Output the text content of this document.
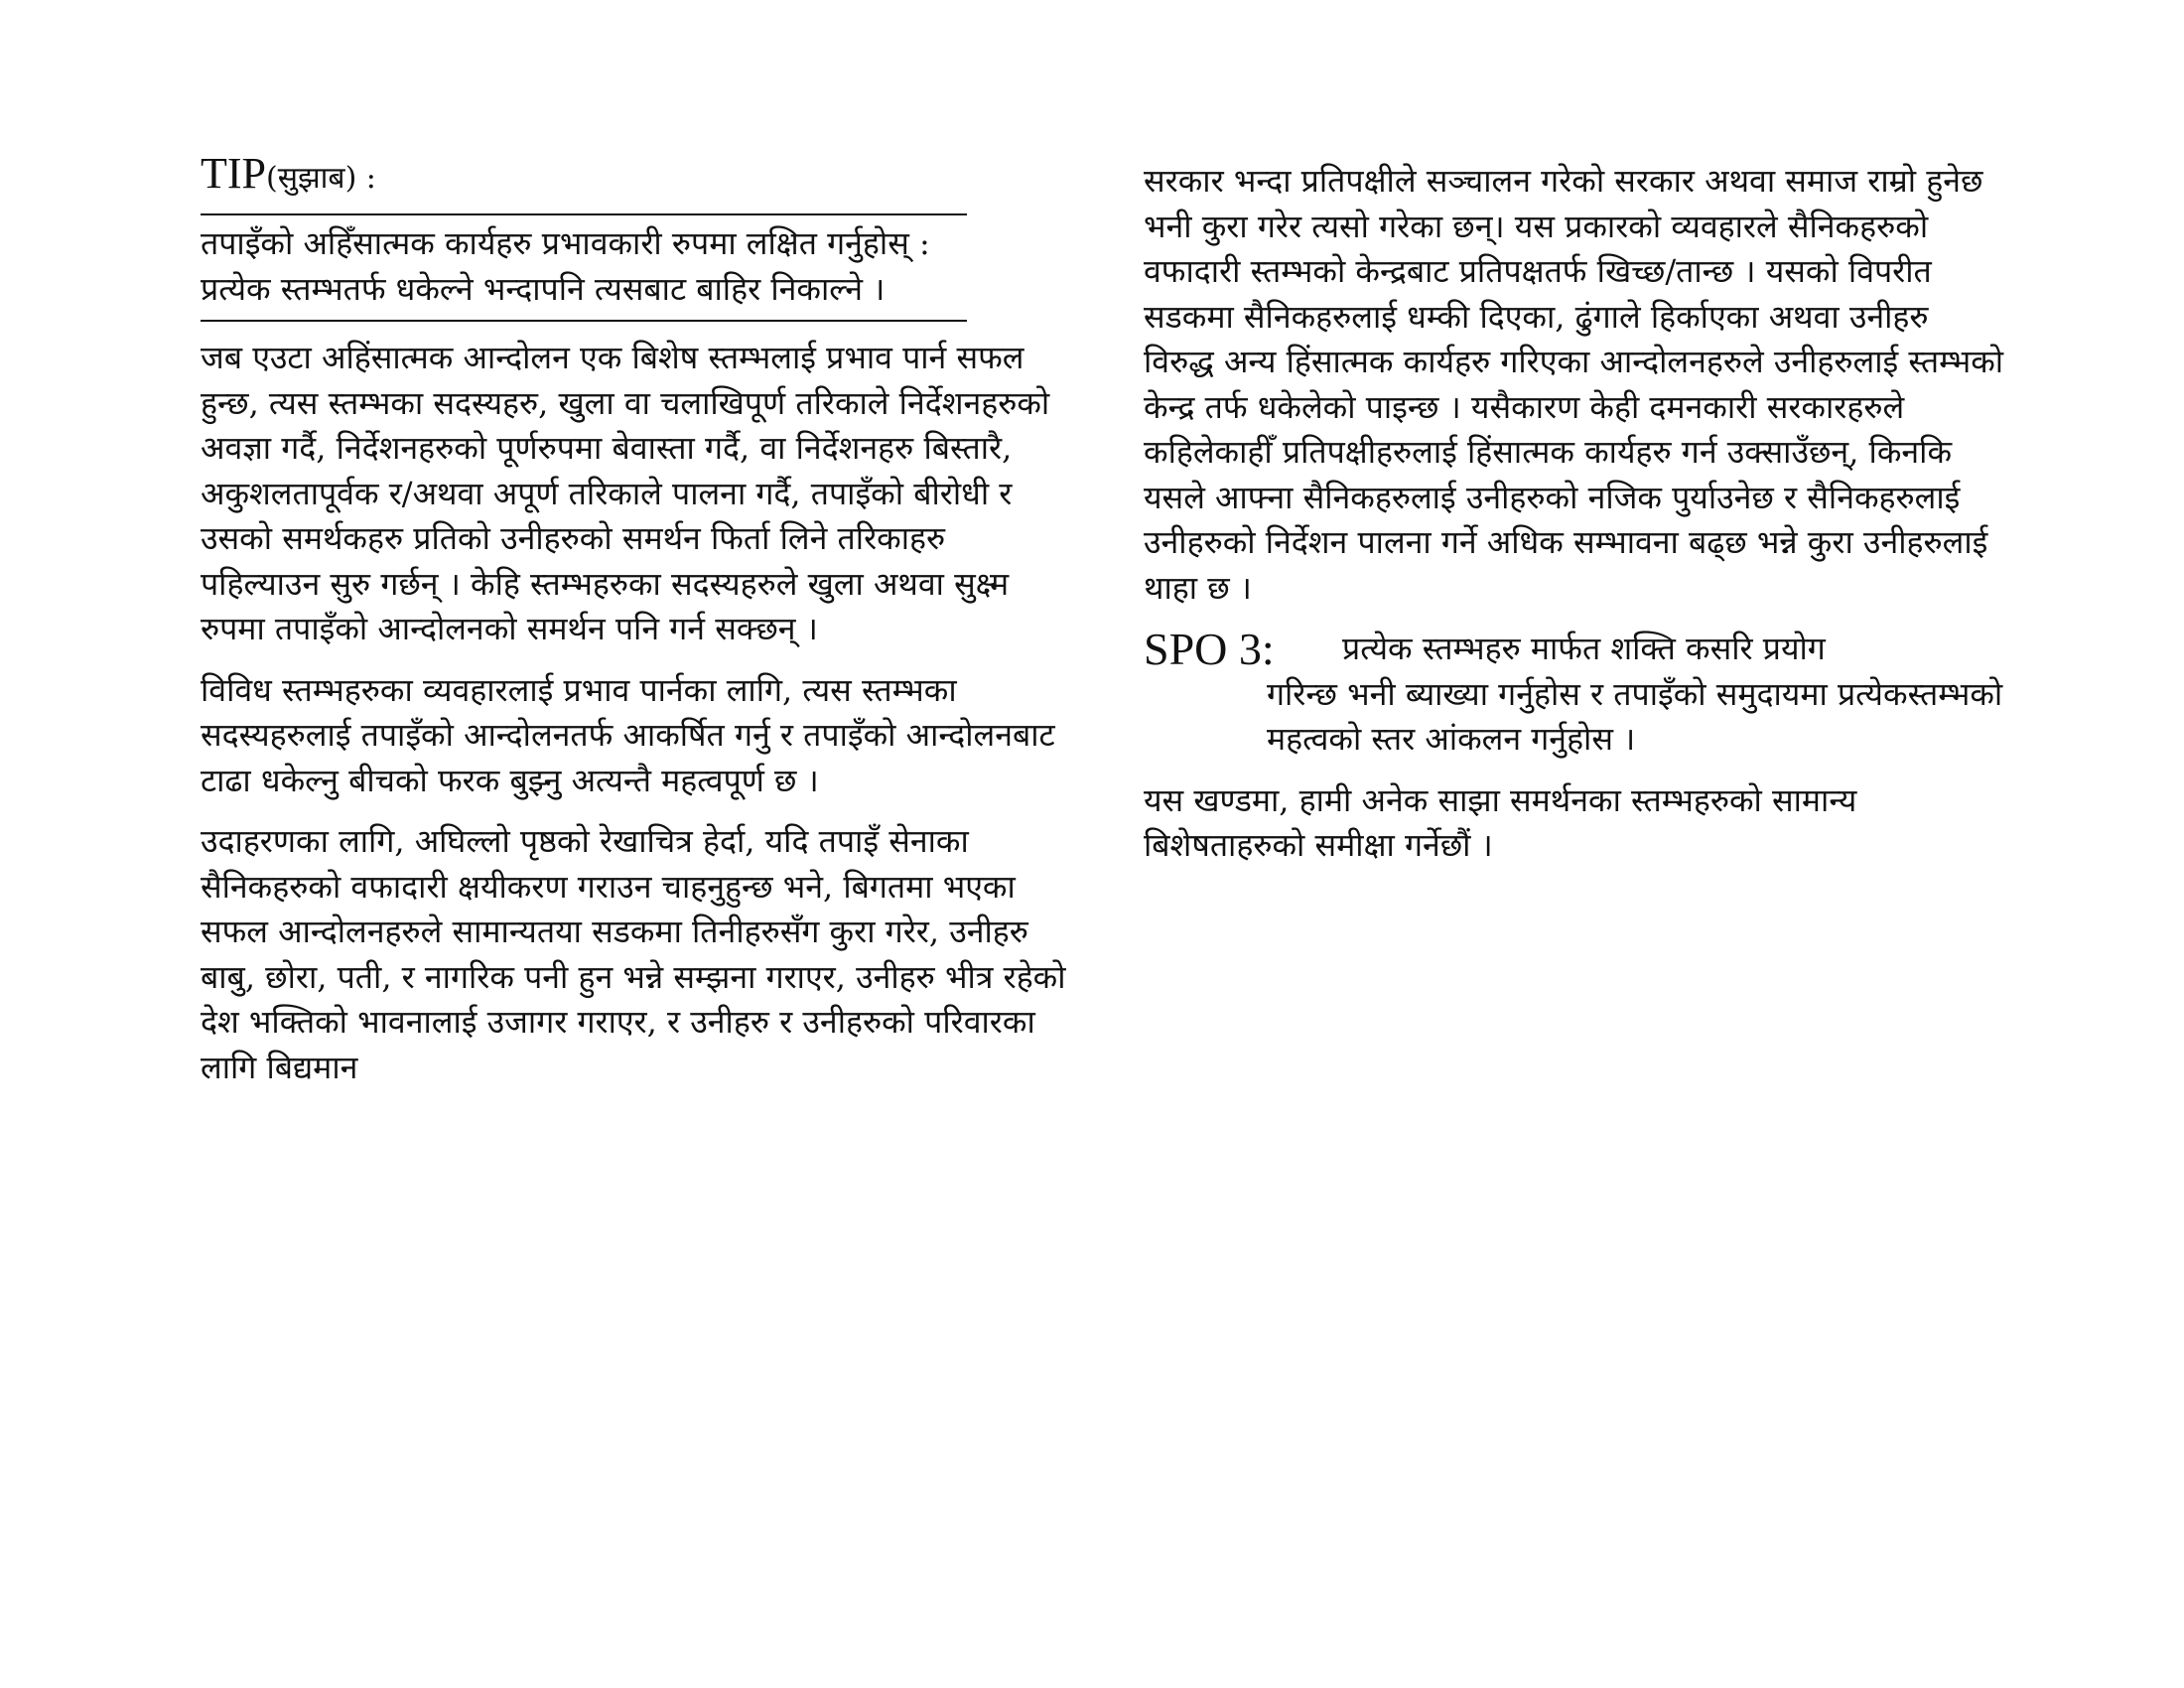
TIP(सुझाब) :

तपाइँको अहिँसात्मक कार्यहरु प्रभावकारी रुपमा लक्षित गर्नुहोस् : प्रत्येक स्तम्भतर्फ धकेल्ने भन्दापनि त्यसबाट बाहिर निकाल्ने ।

जब एउटा अहिंसात्मक आन्दोलन एक बिशेष स्तम्भलाई प्रभाव पार्न सफल हुन्छ, त्यस स्तम्भका सदस्यहरु, खुला वा चलाखिपूर्ण तरिकाले निर्देशनहरुको अवज्ञा गर्दै, निर्देशनहरुको पूर्णरुपमा बेवास्ता गर्दै, वा निर्देशनहरु बिस्तारै, अकुशलतापूर्वक र/अथवा अपूर्ण तरिकाले पालना गर्दै, तपाइँको बीरोधी र उसको समर्थकहरु प्रतिको उनीहरुको समर्थन फिर्ता लिने तरिकाहरु पहिल्याउन सुरु गर्छन् । केहि स्तम्भहरुका सदस्यहरुले खुला अथवा सुक्ष्म रुपमा तपाइँको आन्दोलनको समर्थन पनि गर्न सक्छन् ।

विविध स्तम्भहरुका व्यवहारलाई प्रभाव पार्नका लागि, त्यस स्तम्भका सदस्यहरुलाई तपाइँको आन्दोलनतर्फ आकर्षित गर्नु र तपाइँको आन्दोलनबाट टाढा धकेल्नु बीचको फरक बुझ्नु अत्यन्तै महत्वपूर्ण छ ।

उदाहरणका लागि, अघिल्लो पृष्ठको रेखाचित्र हेर्दा, यदि तपाइँ सेनाका सैनिकहरुको वफादारी क्षयीकरण गराउन चाहनुहुन्छ भने, बिगतमा भएका सफल आन्दोलनहरुले सामान्यतया सडकमा तिनीहरुसँग कुरा गरेर, उनीहरु बाबु, छोरा, पती, र नागरिक पनी हुन भन्ने सम्झना गराएर, उनीहरु भीत्र रहेको देश भक्तिको भावनालाई उजागर गराएर, र उनीहरु र उनीहरुको परिवारका लागि बिद्यमान

सरकार भन्दा प्रतिपक्षीले सञ्चालन गरेको सरकार अथवा समाज राम्रो हुनेछ भनी कुरा गरेर त्यसो गरेका छन्। यस प्रकारको व्यवहारले सैनिकहरुको वफादारी स्तम्भको केन्द्रबाट प्रतिपक्षतर्फ खिच्छ/तान्छ । यसको विपरीत सडकमा सैनिकहरुलाई धम्की दिएका, ढुंगाले हिर्काएका अथवा उनीहरु विरुद्ध अन्य हिंसात्मक कार्यहरु गरिएका आन्दोलनहरुले उनीहरुलाई स्तम्भको केन्द्र तर्फ धकेलेको पाइन्छ । यसैकारण केही दमनकारी सरकारहरुले कहिलेकाहीँ प्रतिपक्षीहरुलाई हिंसात्मक कार्यहरु गर्न उक्साउँछन्, किनकि यसले आफ्ना सैनिकहरुलाई उनीहरुको नजिक पुर्याउनेछ र सैनिकहरुलाई उनीहरुको निर्देशन पालना गर्ने अधिक सम्भावना बढ्छ भन्ने कुरा उनीहरुलाई थाहा छ ।

SPO 3:	प्रत्येक स्तम्भहरु मार्फत शक्ति कसरि प्रयोग
गरिन्छ भनी ब्याख्या गर्नुहोस र तपाइँको समुदायमा प्रत्येकस्तम्भको महत्वको स्तर आंकलन गर्नुहोस ।

यस खण्डमा, हामी अनेक साझा समर्थनका स्तम्भहरुको सामान्य बिशेषताहरुको समीक्षा गर्नेछौं ।
